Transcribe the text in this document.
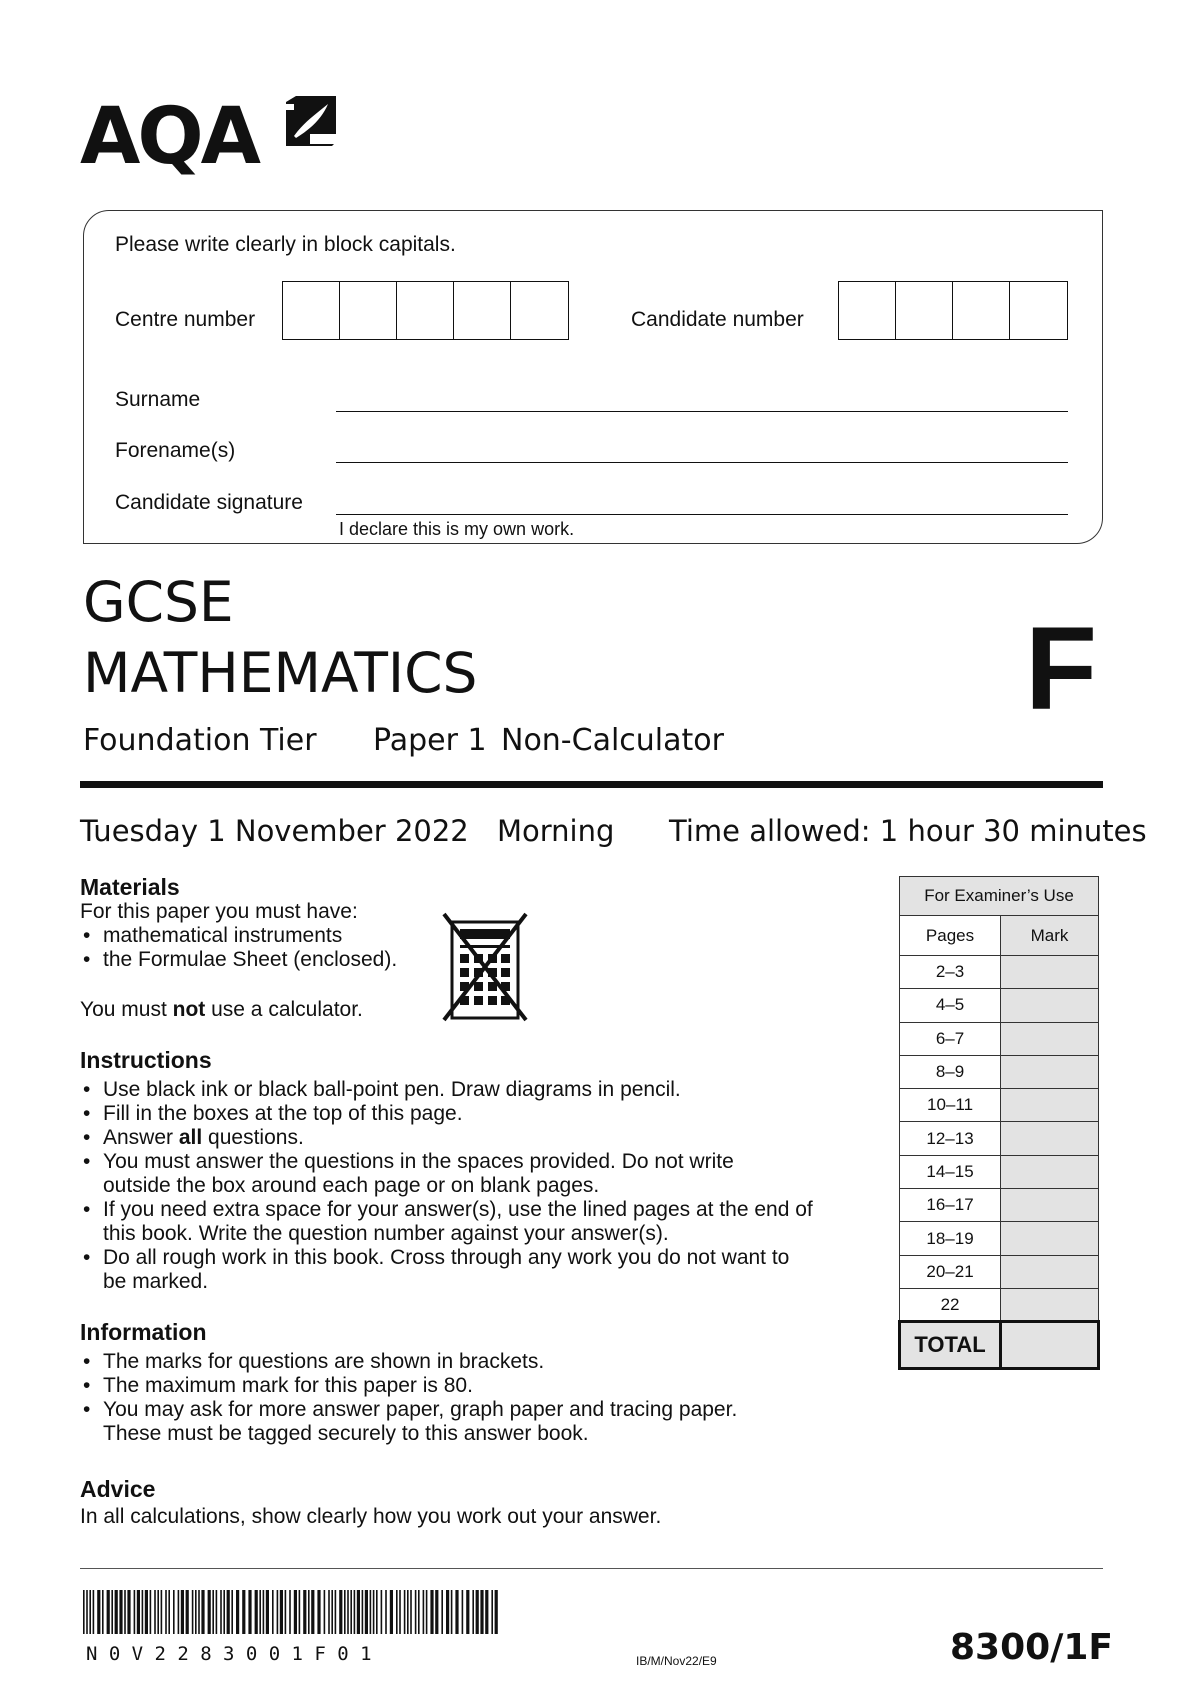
AQA
Please write clearly in block capitals.
Centre number	Candidate number
Surname
Forename(s)
Candidate signature
I declare this is my own work.
GCSE
MATHEMATICS	F
Foundation Tier Paper 1 Non-Calculator
Tuesday 1 November 2022 Morning Time allowed: 1 hour 30 minutes
Materials
For this paper you must have:
• mathematical instruments
• the Formulae Sheet (enclosed).
You must not use a calculator.
Instructions
• Use black ink or black ball-point pen. Draw diagrams in pencil.
• Fill in the boxes at the top of this page.
• Answer all questions.
• You must answer the questions in the spaces provided. Do not write
outside the box around each page or on blank pages.
• If you need extra space for your answer(s), use the lined pages at the end of
this book. Write the question number against your answer(s).
• Do all rough work in this book. Cross through any work you do not want to
be marked.
Information
• The marks for questions are shown in brackets.
• The maximum mark for this paper is 80.
• You may ask for more answer paper, graph paper and tracing paper.
These must be tagged securely to this answer book.
Advice
In all calculations, show clearly how you work out your answer.
For Examiner’s Use	
Pages	Mark
2–3	
4–5	
6–7	
8–9	
10–11	
12–13	
14–15	
16–17	
18–19	
20–21	
22	
TOTAL	
N0V2283001F01	IB/M/Nov22/E9	8300/1F
